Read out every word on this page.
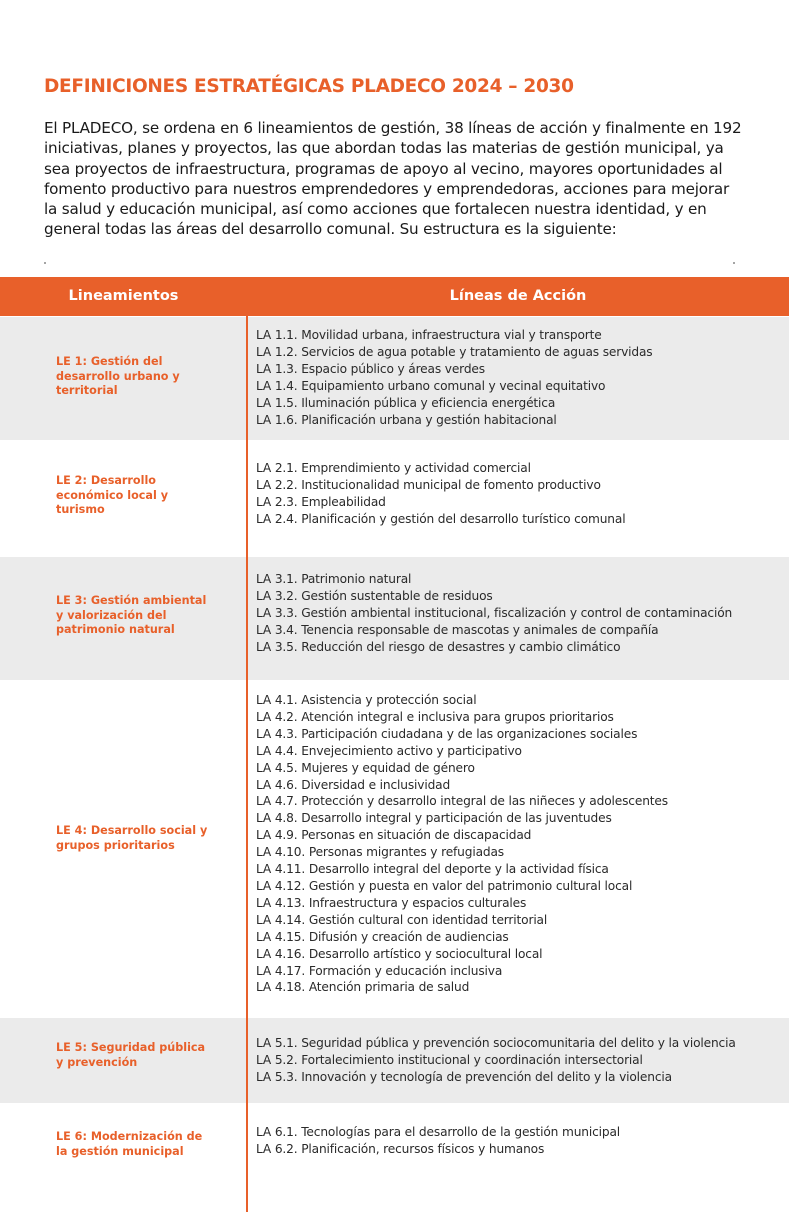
DEFINICIONES ESTRATÉGICAS PLADECO 2024 – 2030

El PLADECO, se ordena en 6 lineamientos de gestión, 38 líneas de acción y finalmente en 192 iniciativas, planes y proyectos, las que abordan todas las materias de gestión municipal, ya sea proyectos de infraestructura, programas de apoyo al vecino, mayores oportunidades al fomento productivo para nuestros emprendedores y emprendedoras, acciones para mejorar la salud y educación municipal, así como acciones que fortalecen nuestra identidad, y en general todas las áreas del desarrollo comunal. Su estructura es la siguiente:

Lineamientos	Líneas de Acción
LE 1: Gestión del desarrollo urbano y territorial
LA 1.1. Movilidad urbana, infraestructura vial y transporte
LA 1.2. Servicios de agua potable y tratamiento de aguas servidas
LA 1.3. Espacio público y áreas verdes
LA 1.4. Equipamiento urbano comunal y vecinal equitativo
LA 1.5. Iluminación pública y eficiencia energética
LA 1.6. Planificación urbana y gestión habitacional
LE 2: Desarrollo económico local y turismo
LA 2.1. Emprendimiento y actividad comercial
LA 2.2. Institucionalidad municipal de fomento productivo
LA 2.3. Empleabilidad
LA 2.4. Planificación y gestión del desarrollo turístico comunal
LE 3: Gestión ambiental y valorización del patrimonio natural
LA 3.1. Patrimonio natural
LA 3.2. Gestión sustentable de residuos
LA 3.3. Gestión ambiental institucional, fiscalización y control de contaminación
LA 3.4. Tenencia responsable de mascotas y animales de compañía
LA 3.5. Reducción del riesgo de desastres y cambio climático
LE 4: Desarrollo social y grupos prioritarios
LA 4.1. Asistencia y protección social
LA 4.2. Atención integral e inclusiva para grupos prioritarios
LA 4.3. Participación ciudadana y de las organizaciones sociales
LA 4.4. Envejecimiento activo y participativo
LA 4.5. Mujeres y equidad de género
LA 4.6. Diversidad e inclusividad
LA 4.7. Protección y desarrollo integral de las niñeces y adolescentes
LA 4.8. Desarrollo integral y participación de las juventudes
LA 4.9. Personas en situación de discapacidad
LA 4.10. Personas migrantes y refugiadas
LA 4.11. Desarrollo integral del deporte y la actividad física
LA 4.12. Gestión y puesta en valor del patrimonio cultural local
LA 4.13. Infraestructura y espacios culturales
LA 4.14. Gestión cultural con identidad territorial
LA 4.15. Difusión y creación de audiencias
LA 4.16. Desarrollo artístico y sociocultural local
LA 4.17. Formación y educación inclusiva
LA 4.18. Atención primaria de salud
LE 5: Seguridad pública y prevención
LA 5.1. Seguridad pública y prevención sociocomunitaria del delito y la violencia
LA 5.2. Fortalecimiento institucional y coordinación intersectorial
LA 5.3. Innovación y tecnología de prevención del delito y la violencia
LE 6: Modernización de la gestión municipal
LA 6.1. Tecnologías para el desarrollo de la gestión municipal
LA 6.2. Planificación, recursos físicos y humanos
